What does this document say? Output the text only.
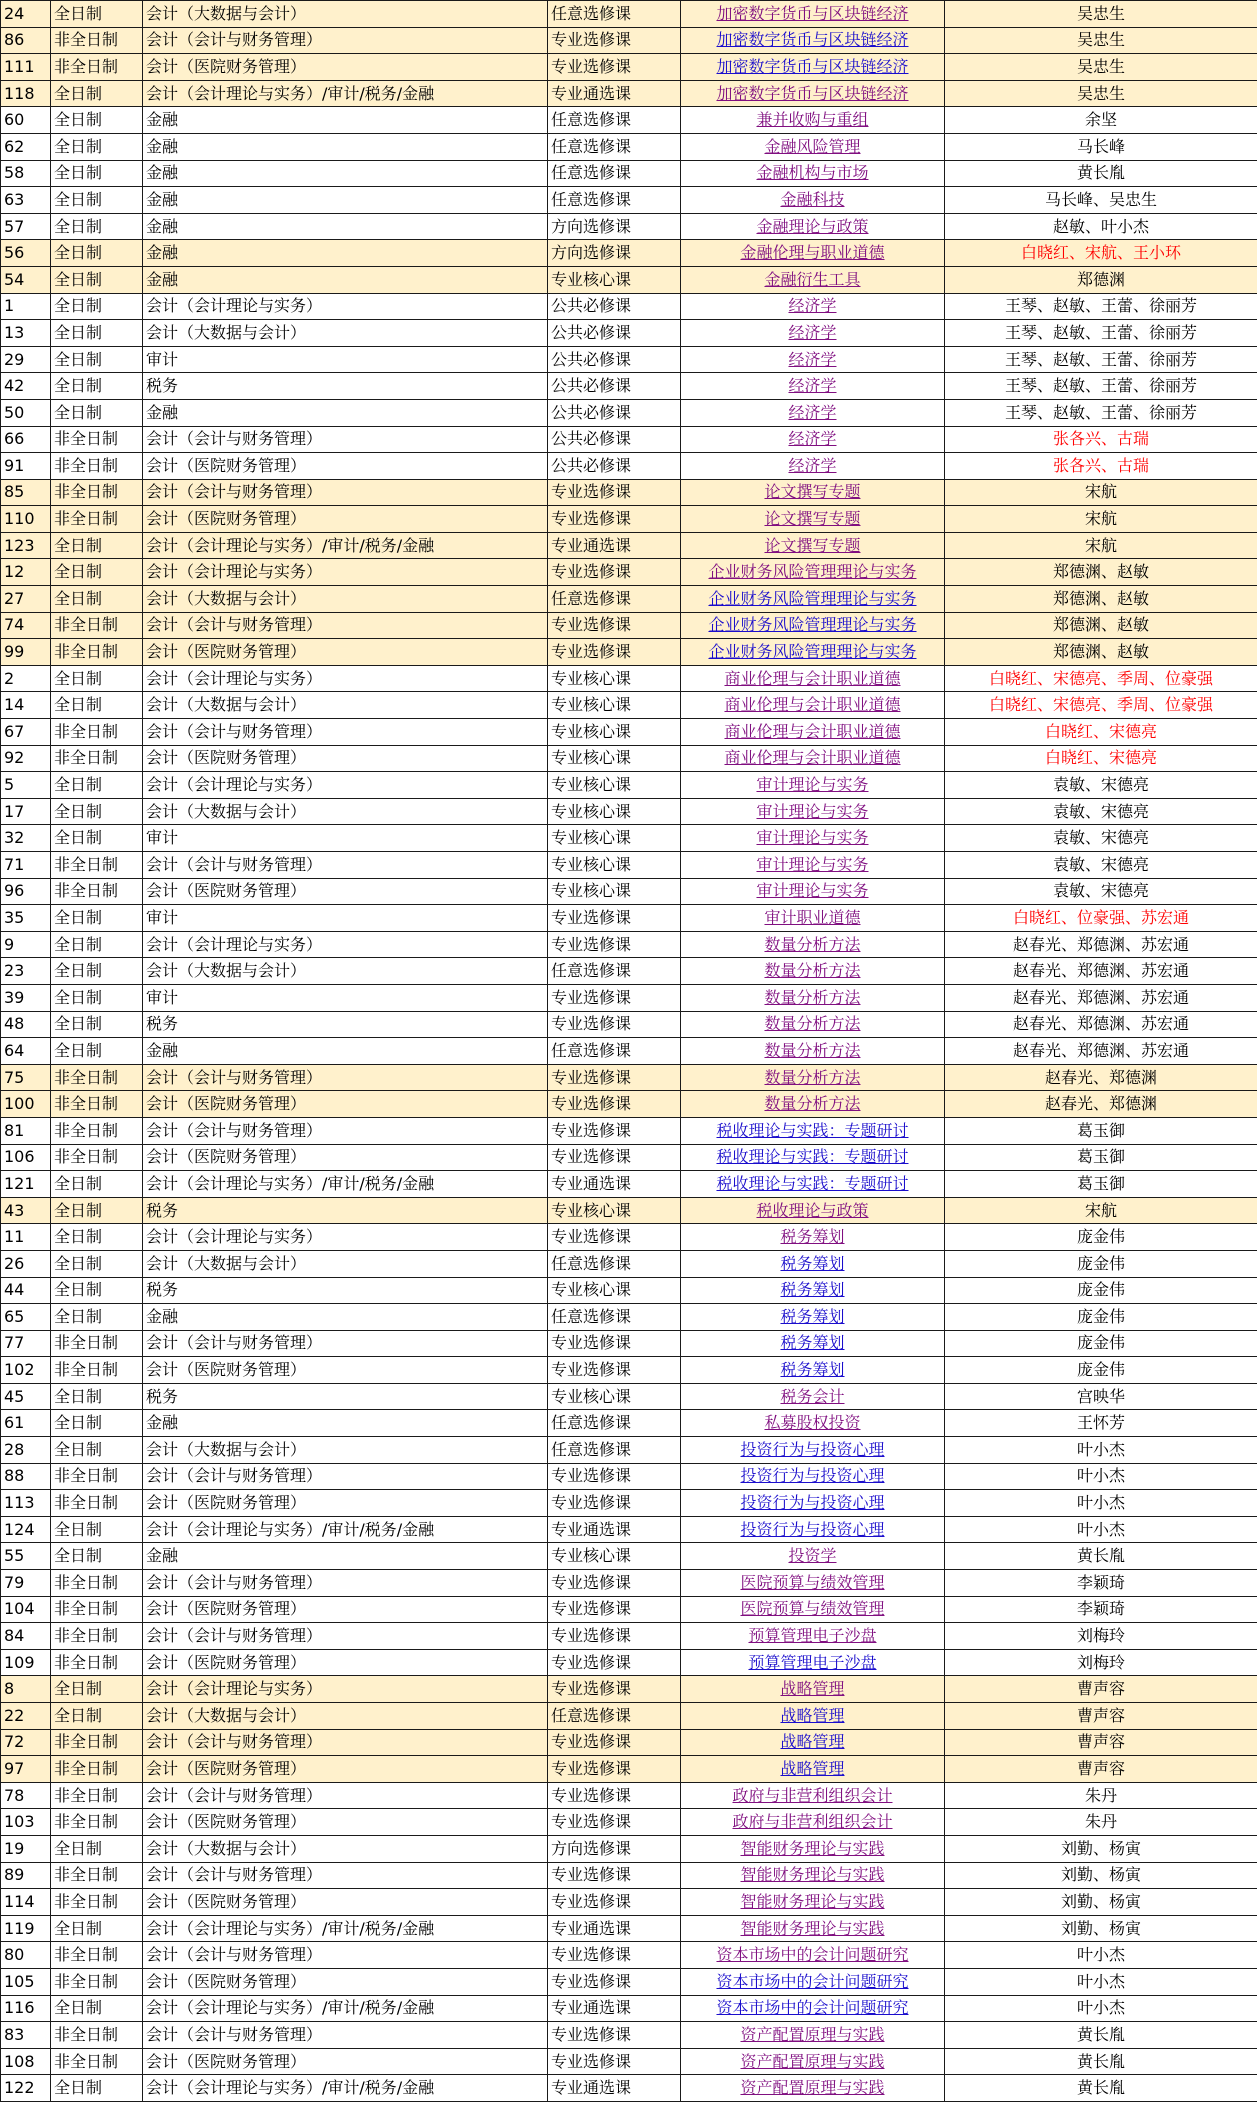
24	全日制	会计（大数据与会计）	任意选修课	加密数字货币与区块链经济	吴忠生
86	非全日制	会计（会计与财务管理）	专业选修课	加密数字货币与区块链经济	吴忠生
111	非全日制	会计（医院财务管理）	专业选修课	加密数字货币与区块链经济	吴忠生
118	全日制	会计（会计理论与实务）/审计/税务/金融	专业通选课	加密数字货币与区块链经济	吴忠生
60	全日制	金融	任意选修课	兼并收购与重组	余坚
62	全日制	金融	任意选修课	金融风险管理	马长峰
58	全日制	金融	任意选修课	金融机构与市场	黄长胤
63	全日制	金融	任意选修课	金融科技	马长峰、吴忠生
57	全日制	金融	方向选修课	金融理论与政策	赵敏、叶小杰
56	全日制	金融	方向选修课	金融伦理与职业道德	白晓红、宋航、王小环
54	全日制	金融	专业核心课	金融衍生工具	郑德渊
1	全日制	会计（会计理论与实务）	公共必修课	经济学	王琴、赵敏、王蕾、徐丽芳
13	全日制	会计（大数据与会计）	公共必修课	经济学	王琴、赵敏、王蕾、徐丽芳
29	全日制	审计	公共必修课	经济学	王琴、赵敏、王蕾、徐丽芳
42	全日制	税务	公共必修课	经济学	王琴、赵敏、王蕾、徐丽芳
50	全日制	金融	公共必修课	经济学	王琴、赵敏、王蕾、徐丽芳
66	非全日制	会计（会计与财务管理）	公共必修课	经济学	张各兴、古瑞
91	非全日制	会计（医院财务管理）	公共必修课	经济学	张各兴、古瑞
85	非全日制	会计（会计与财务管理）	专业选修课	论文撰写专题	宋航
110	非全日制	会计（医院财务管理）	专业选修课	论文撰写专题	宋航
123	全日制	会计（会计理论与实务）/审计/税务/金融	专业通选课	论文撰写专题	宋航
12	全日制	会计（会计理论与实务）	专业选修课	企业财务风险管理理论与实务	郑德渊、赵敏
27	全日制	会计（大数据与会计）	任意选修课	企业财务风险管理理论与实务	郑德渊、赵敏
74	非全日制	会计（会计与财务管理）	专业选修课	企业财务风险管理理论与实务	郑德渊、赵敏
99	非全日制	会计（医院财务管理）	专业选修课	企业财务风险管理理论与实务	郑德渊、赵敏
2	全日制	会计（会计理论与实务）	专业核心课	商业伦理与会计职业道德	白晓红、宋德亮、季周、位豪强
14	全日制	会计（大数据与会计）	专业核心课	商业伦理与会计职业道德	白晓红、宋德亮、季周、位豪强
67	非全日制	会计（会计与财务管理）	专业核心课	商业伦理与会计职业道德	白晓红、宋德亮
92	非全日制	会计（医院财务管理）	专业核心课	商业伦理与会计职业道德	白晓红、宋德亮
5	全日制	会计（会计理论与实务）	专业核心课	审计理论与实务	袁敏、宋德亮
17	全日制	会计（大数据与会计）	专业核心课	审计理论与实务	袁敏、宋德亮
32	全日制	审计	专业核心课	审计理论与实务	袁敏、宋德亮
71	非全日制	会计（会计与财务管理）	专业核心课	审计理论与实务	袁敏、宋德亮
96	非全日制	会计（医院财务管理）	专业核心课	审计理论与实务	袁敏、宋德亮
35	全日制	审计	专业选修课	审计职业道德	白晓红、位豪强、苏宏通
9	全日制	会计（会计理论与实务）	专业选修课	数量分析方法	赵春光、郑德渊、苏宏通
23	全日制	会计（大数据与会计）	任意选修课	数量分析方法	赵春光、郑德渊、苏宏通
39	全日制	审计	专业选修课	数量分析方法	赵春光、郑德渊、苏宏通
48	全日制	税务	专业选修课	数量分析方法	赵春光、郑德渊、苏宏通
64	全日制	金融	任意选修课	数量分析方法	赵春光、郑德渊、苏宏通
75	非全日制	会计（会计与财务管理）	专业选修课	数量分析方法	赵春光、郑德渊
100	非全日制	会计（医院财务管理）	专业选修课	数量分析方法	赵春光、郑德渊
81	非全日制	会计（会计与财务管理）	专业选修课	税收理论与实践：专题研讨	葛玉御
106	非全日制	会计（医院财务管理）	专业选修课	税收理论与实践：专题研讨	葛玉御
121	全日制	会计（会计理论与实务）/审计/税务/金融	专业通选课	税收理论与实践：专题研讨	葛玉御
43	全日制	税务	专业核心课	税收理论与政策	宋航
11	全日制	会计（会计理论与实务）	专业选修课	税务筹划	庞金伟
26	全日制	会计（大数据与会计）	任意选修课	税务筹划	庞金伟
44	全日制	税务	专业核心课	税务筹划	庞金伟
65	全日制	金融	任意选修课	税务筹划	庞金伟
77	非全日制	会计（会计与财务管理）	专业选修课	税务筹划	庞金伟
102	非全日制	会计（医院财务管理）	专业选修课	税务筹划	庞金伟
45	全日制	税务	专业核心课	税务会计	宫映华
61	全日制	金融	任意选修课	私募股权投资	王怀芳
28	全日制	会计（大数据与会计）	任意选修课	投资行为与投资心理	叶小杰
88	非全日制	会计（会计与财务管理）	专业选修课	投资行为与投资心理	叶小杰
113	非全日制	会计（医院财务管理）	专业选修课	投资行为与投资心理	叶小杰
124	全日制	会计（会计理论与实务）/审计/税务/金融	专业通选课	投资行为与投资心理	叶小杰
55	全日制	金融	专业核心课	投资学	黄长胤
79	非全日制	会计（会计与财务管理）	专业选修课	医院预算与绩效管理	李颖琦
104	非全日制	会计（医院财务管理）	专业选修课	医院预算与绩效管理	李颖琦
84	非全日制	会计（会计与财务管理）	专业选修课	预算管理电子沙盘	刘梅玲
109	非全日制	会计（医院财务管理）	专业选修课	预算管理电子沙盘	刘梅玲
8	全日制	会计（会计理论与实务）	专业选修课	战略管理	曹声容
22	全日制	会计（大数据与会计）	任意选修课	战略管理	曹声容
72	非全日制	会计（会计与财务管理）	专业选修课	战略管理	曹声容
97	非全日制	会计（医院财务管理）	专业选修课	战略管理	曹声容
78	非全日制	会计（会计与财务管理）	专业选修课	政府与非营利组织会计	朱丹
103	非全日制	会计（医院财务管理）	专业选修课	政府与非营利组织会计	朱丹
19	全日制	会计（大数据与会计）	方向选修课	智能财务理论与实践	刘勤、杨寅
89	非全日制	会计（会计与财务管理）	专业选修课	智能财务理论与实践	刘勤、杨寅
114	非全日制	会计（医院财务管理）	专业选修课	智能财务理论与实践	刘勤、杨寅
119	全日制	会计（会计理论与实务）/审计/税务/金融	专业通选课	智能财务理论与实践	刘勤、杨寅
80	非全日制	会计（会计与财务管理）	专业选修课	资本市场中的会计问题研究	叶小杰
105	非全日制	会计（医院财务管理）	专业选修课	资本市场中的会计问题研究	叶小杰
116	全日制	会计（会计理论与实务）/审计/税务/金融	专业通选课	资本市场中的会计问题研究	叶小杰
83	非全日制	会计（会计与财务管理）	专业选修课	资产配置原理与实践	黄长胤
108	非全日制	会计（医院财务管理）	专业选修课	资产配置原理与实践	黄长胤
122	全日制	会计（会计理论与实务）/审计/税务/金融	专业通选课	资产配置原理与实践	黄长胤
